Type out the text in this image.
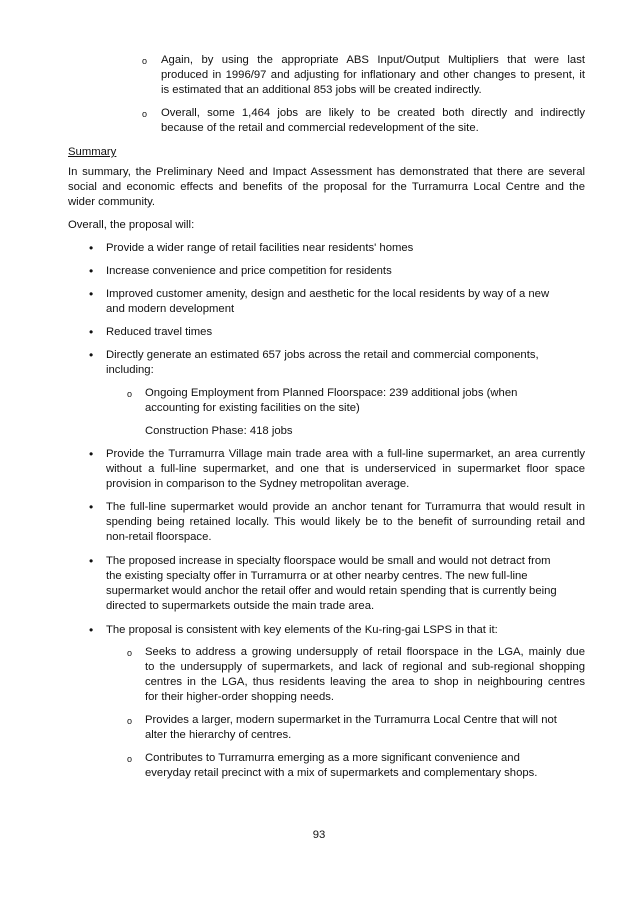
o Again, by using the appropriate ABS Input/Output Multipliers that were last
produced in 1996/97 and adjusting for inflationary and other changes to present, it
is estimated that an additional 853 jobs will be created indirectly.
o Overall, some 1,464 jobs are likely to be created both directly and indirectly
because of the retail and commercial redevelopment of the site.
Summary
In summary, the Preliminary Need and Impact Assessment has demonstrated that there are several
social and economic effects and benefits of the proposal for the Turramurra Local Centre and the
wider community.
Overall, the proposal will:
• Provide a wider range of retail facilities near residents' homes
• Increase convenience and price competition for residents
• Improved customer amenity, design and aesthetic for the local residents by way of a new
and modern development
• Reduced travel times
• Directly generate an estimated 657 jobs across the retail and commercial components,
including:
o Ongoing Employment from Planned Floorspace: 239 additional jobs (when
accounting for existing facilities on the site)
Construction Phase: 418 jobs
• Provide the Turramurra Village main trade area with a full-line supermarket, an area currently
without a full-line supermarket, and one that is underserviced in supermarket floor space
provision in comparison to the Sydney metropolitan average.
• The full-line supermarket would provide an anchor tenant for Turramurra that would result in
spending being retained locally. This would likely be to the benefit of surrounding retail and
non-retail floorspace.
• The proposed increase in specialty floorspace would be small and would not detract from
the existing specialty offer in Turramurra or at other nearby centres. The new full-line
supermarket would anchor the retail offer and would retain spending that is currently being
directed to supermarkets outside the main trade area.
• The proposal is consistent with key elements of the Ku-ring-gai LSPS in that it:
o Seeks to address a growing undersupply of retail floorspace in the LGA, mainly due
to the undersupply of supermarkets, and lack of regional and sub-regional shopping
centres in the LGA, thus residents leaving the area to shop in neighbouring centres
for their higher-order shopping needs.
o Provides a larger, modern supermarket in the Turramurra Local Centre that will not
alter the hierarchy of centres.
o Contributes to Turramurra emerging as a more significant convenience and
everyday retail precinct with a mix of supermarkets and complementary shops.
93
